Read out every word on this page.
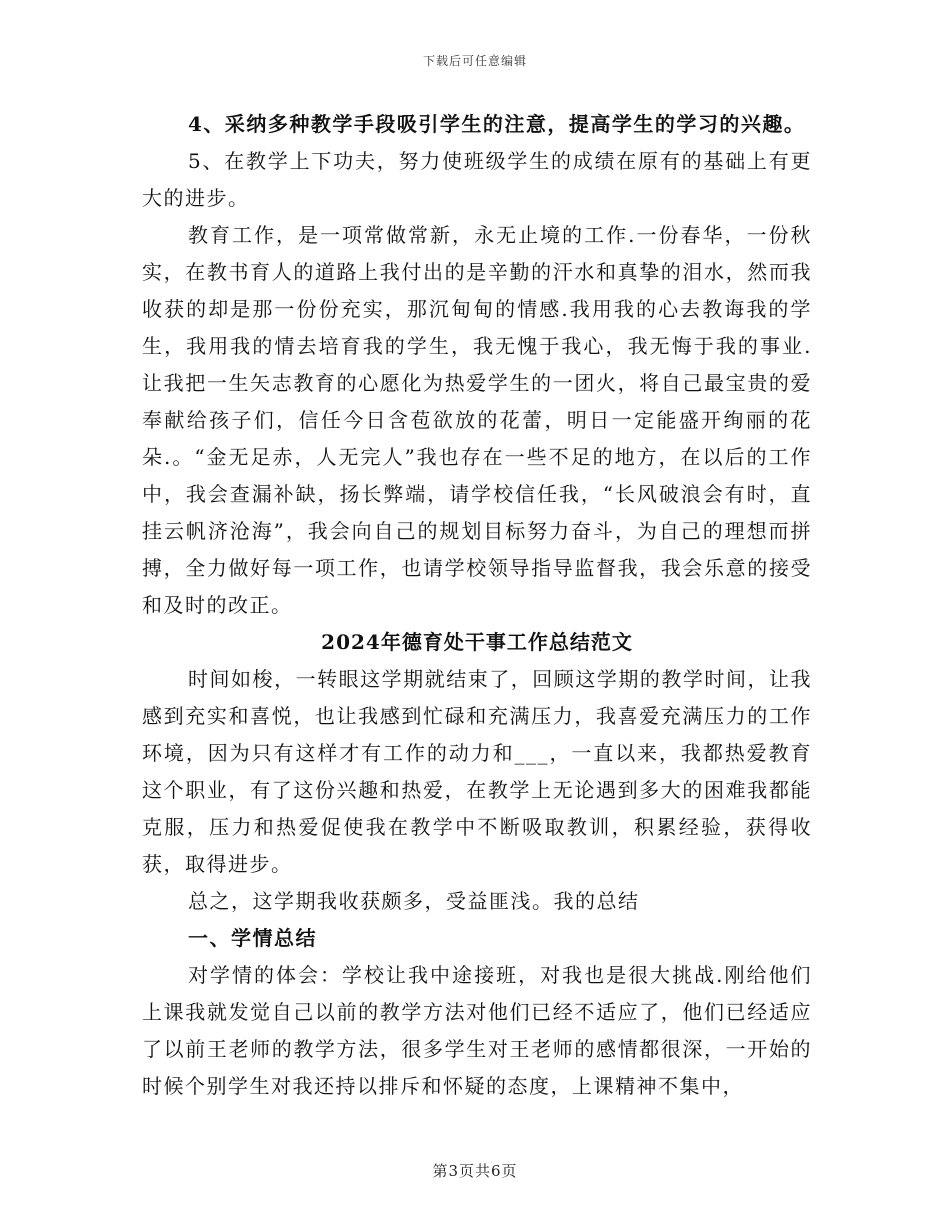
下载后可任意编辑

4、采纳多种教学手段吸引学生的注意，提高学生的学习的兴趣。

5、在教学上下功夫，努力使班级学生的成绩在原有的基础上有更大的进步。

教育工作，是一项常做常新，永无止境的工作.一份春华，一份秋实，在教书育人的道路上我付出的是辛勤的汗水和真挚的泪水，然而我收获的却是那一份份充实，那沉甸甸的情感.我用我的心去教诲我的学生，我用我的情去培育我的学生，我无愧于我心，我无悔于我的事业.让我把一生矢志教育的心愿化为热爱学生的一团火，将自己最宝贵的爱奉献给孩子们，信任今日含苞欲放的花蕾，明日一定能盛开绚丽的花朵.。“金无足赤，人无完人”我也存在一些不足的地方，在以后的工作中，我会查漏补缺，扬长弊端，请学校信任我，“长风破浪会有时，直挂云帆济沧海”，我会向自己的规划目标努力奋斗，为自己的理想而拼搏，全力做好每一项工作，也请学校领导指导监督我，我会乐意的接受和及时的改正。

2024年德育处干事工作总结范文

时间如梭，一转眼这学期就结束了，回顾这学期的教学时间，让我感到充实和喜悦，也让我感到忙碌和充满压力，我喜爱充满压力的工作环境，因为只有这样才有工作的动力和___，一直以来，我都热爱教育这个职业，有了这份兴趣和热爱，在教学上无论遇到多大的困难我都能克服，压力和热爱促使我在教学中不断吸取教训，积累经验，获得收获，取得进步。

总之，这学期我收获颇多，受益匪浅。我的总结

一、学情总结

对学情的体会：学校让我中途接班，对我也是很大挑战.刚给他们上课我就发觉自己以前的教学方法对他们已经不适应了，他们已经适应了以前王老师的教学方法，很多学生对王老师的感情都很深，一开始的时候个别学生对我还持以排斥和怀疑的态度，上课精神不集中，

第3页共6页
